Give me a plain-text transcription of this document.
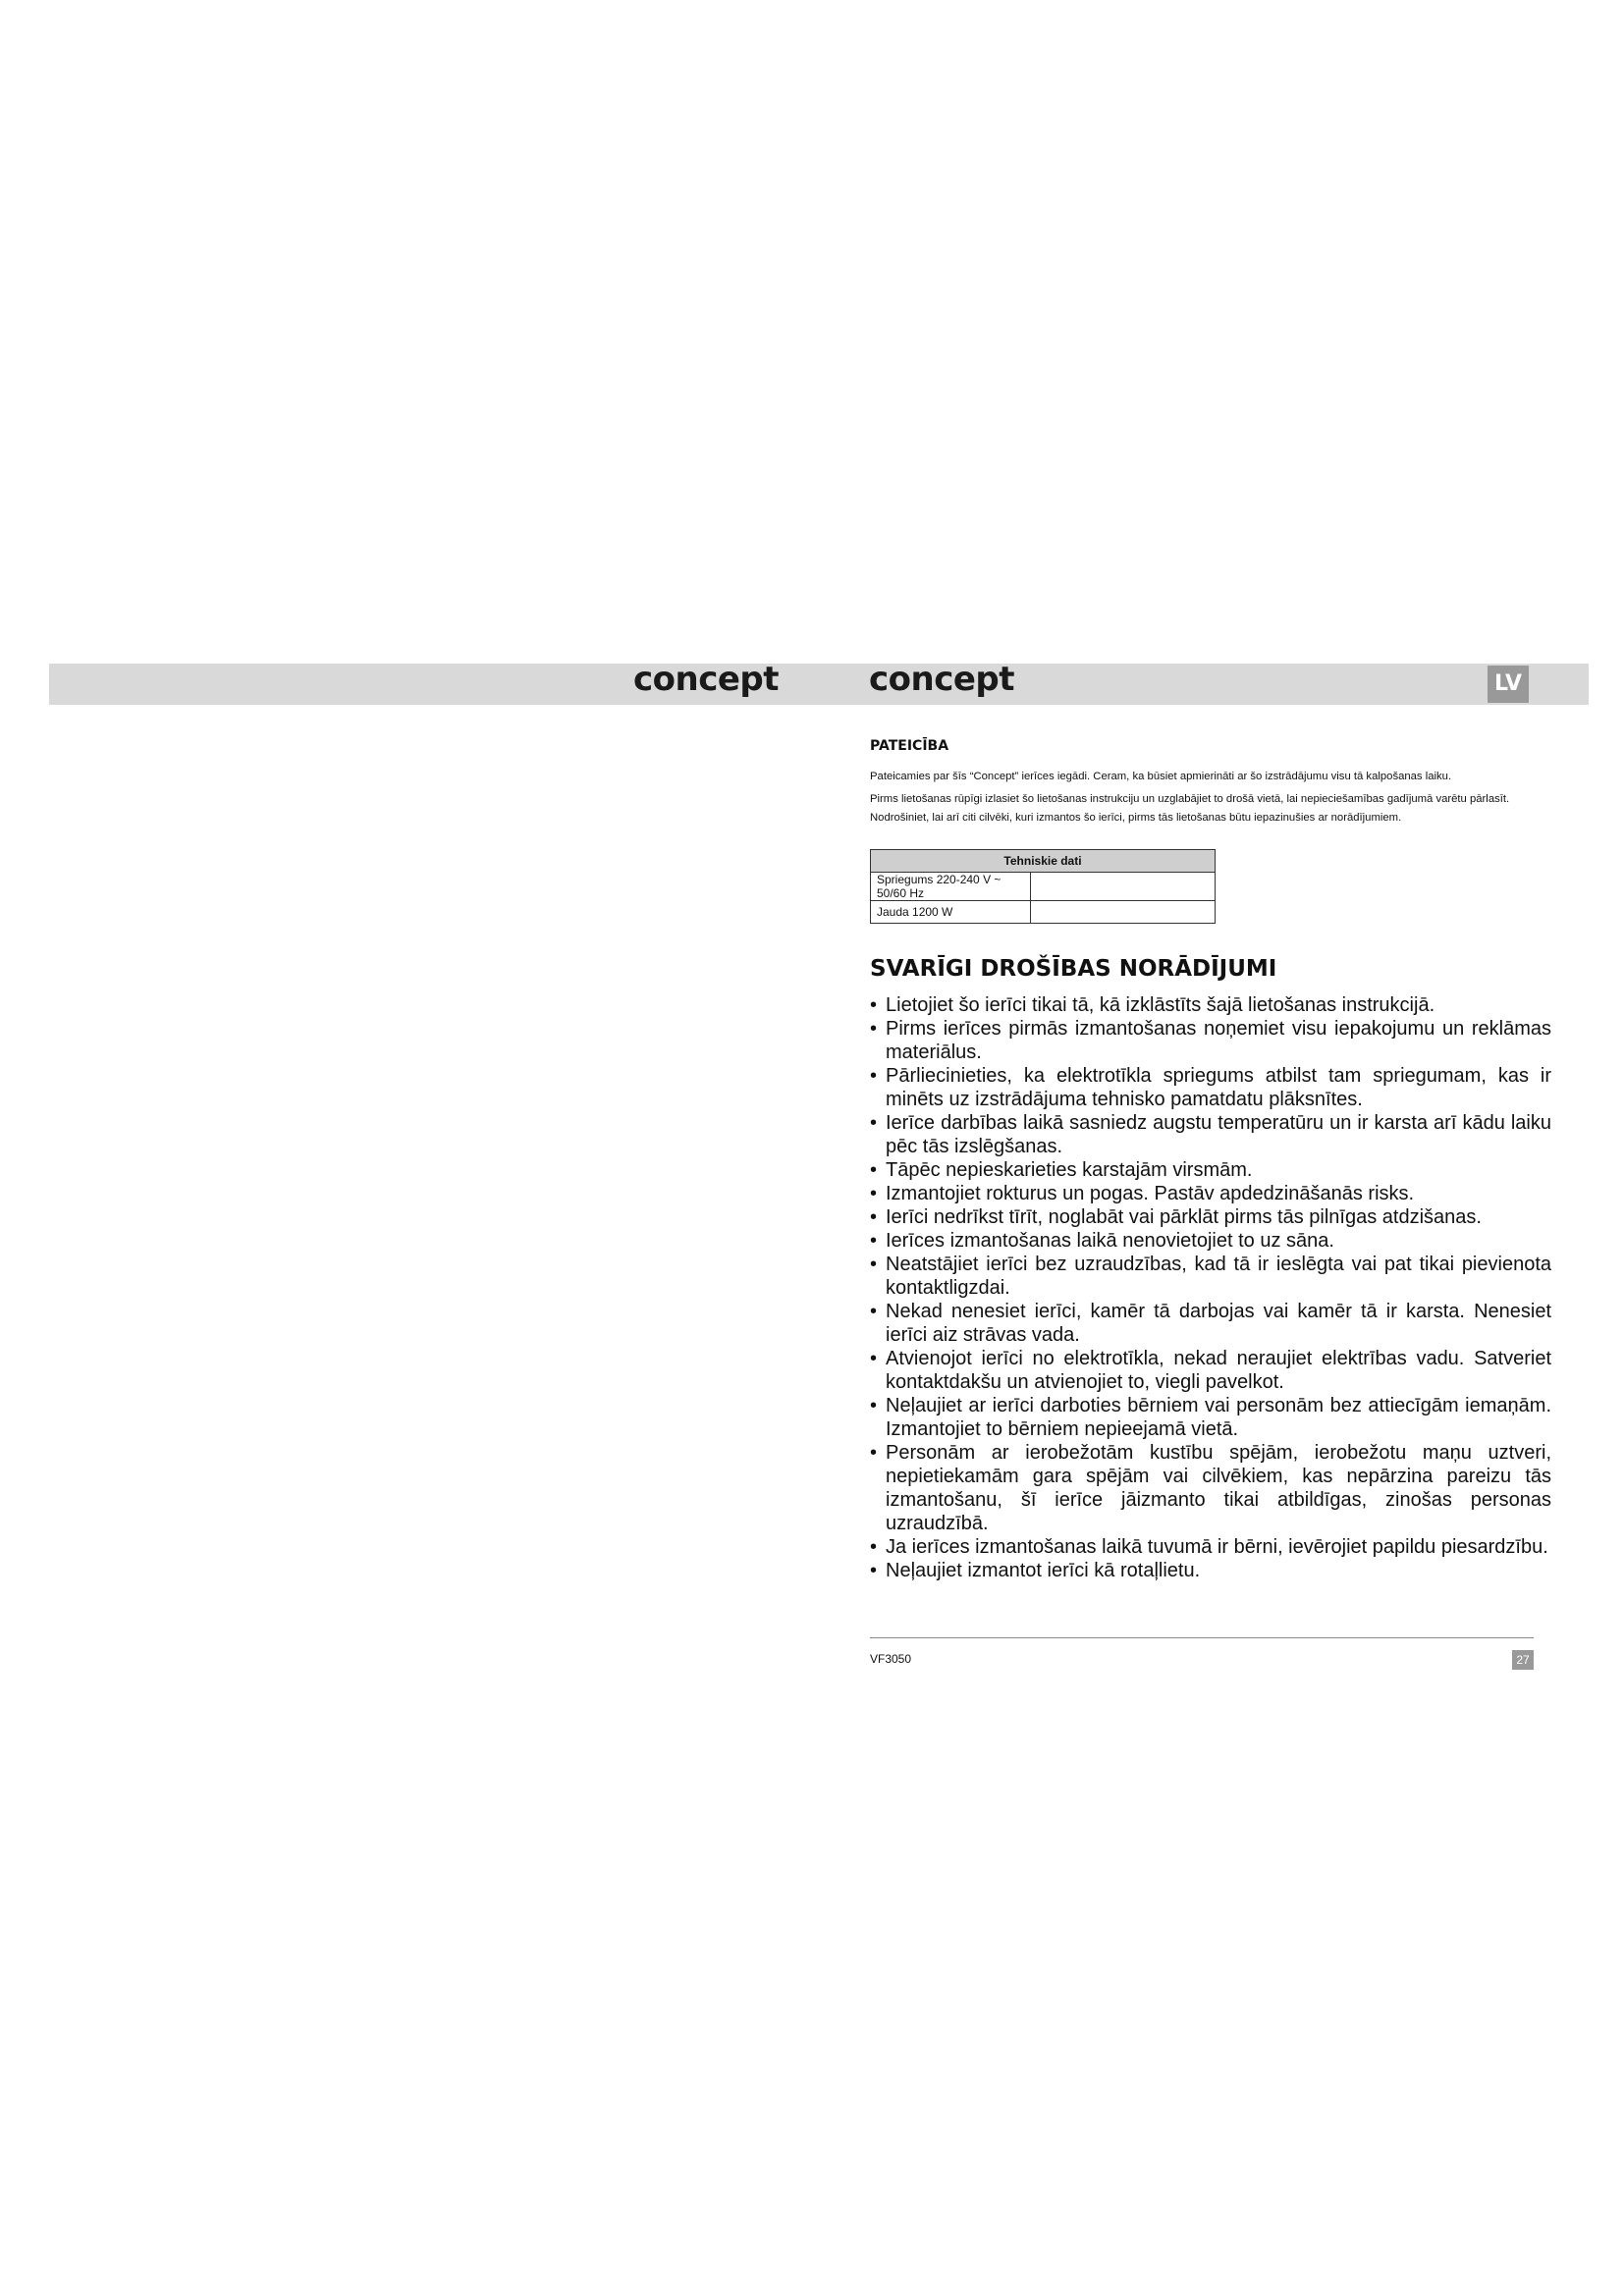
concept	concept	LV
PATEICĪBA

Pateicamies par šīs “Concept” ierīces iegādi. Ceram, ka būsiet apmierināti ar šo izstrādājumu visu tā kalpošanas laiku.

Pirms lietošanas rūpīgi izlasiet šo lietošanas instrukciju un uzglabājiet to drošā vietā, lai nepieciešamības gadījumā varētu pārlasīt. Nodrošiniet, lai arī citi cilvēki, kuri izmantos šo ierīci, pirms tās lietošanas būtu iepazinušies ar norādījumiem.

Tehniskie dati	
Spriegums 220-240 V ~ 50/60 Hz	
Jauda 1200 W	
SVARĪGI DROŠĪBAS NORĀDĪJUMI
• Lietojiet šo ierīci tikai tā, kā izklāstīts šajā lietošanas instrukcijā.
• Pirms ierīces pirmās izmantošanas noņemiet visu iepakojumu un reklāmas materiālus.
• Pārliecinieties, ka elektrotīkla spriegums atbilst tam spriegumam, kas ir minēts uz izstrādājuma tehnisko pamatdatu plāksnītes.
• Ierīce darbības laikā sasniedz augstu temperatūru un ir karsta arī kādu laiku pēc tās izslēgšanas.
• Tāpēc nepieskarieties karstajām virsmām.
• Izmantojiet rokturus un pogas. Pastāv apdedzināšanās risks.
• Ierīci nedrīkst tīrīt, noglabāt vai pārklāt pirms tās pilnīgas atdzišanas.
• Ierīces izmantošanas laikā nenovietojiet to uz sāna.
• Neatstājiet ierīci bez uzraudzības, kad tā ir ieslēgta vai pat tikai pievienota kontaktligzdai.
• Nekad nenesiet ierīci, kamēr tā darbojas vai kamēr tā ir karsta. Nenesiet ierīci aiz strāvas vada.
• Atvienojot ierīci no elektrotīkla, nekad neraujiet elektrības vadu. Satveriet kontaktdakšu un atvienojiet to, viegli pavelkot.
• Neļaujiet ar ierīci darboties bērniem vai personām bez attiecīgām iemaņām. Izmantojiet to bērniem nepieejamā vietā.
• Personām ar ierobežotām kustību spējām, ierobežotu maņu uztveri, nepietiekamām gara spējām vai cilvēkiem, kas nepārzina pareizu tās izmantošanu, šī ierīce jāizmanto tikai atbildīgas, zinošas personas uzraudzībā.
• Ja ierīces izmantošanas laikā tuvumā ir bērni, ievērojiet papildu piesardzību.
• Neļaujiet izmantot ierīci kā rotaļlietu.
VF3050	27
